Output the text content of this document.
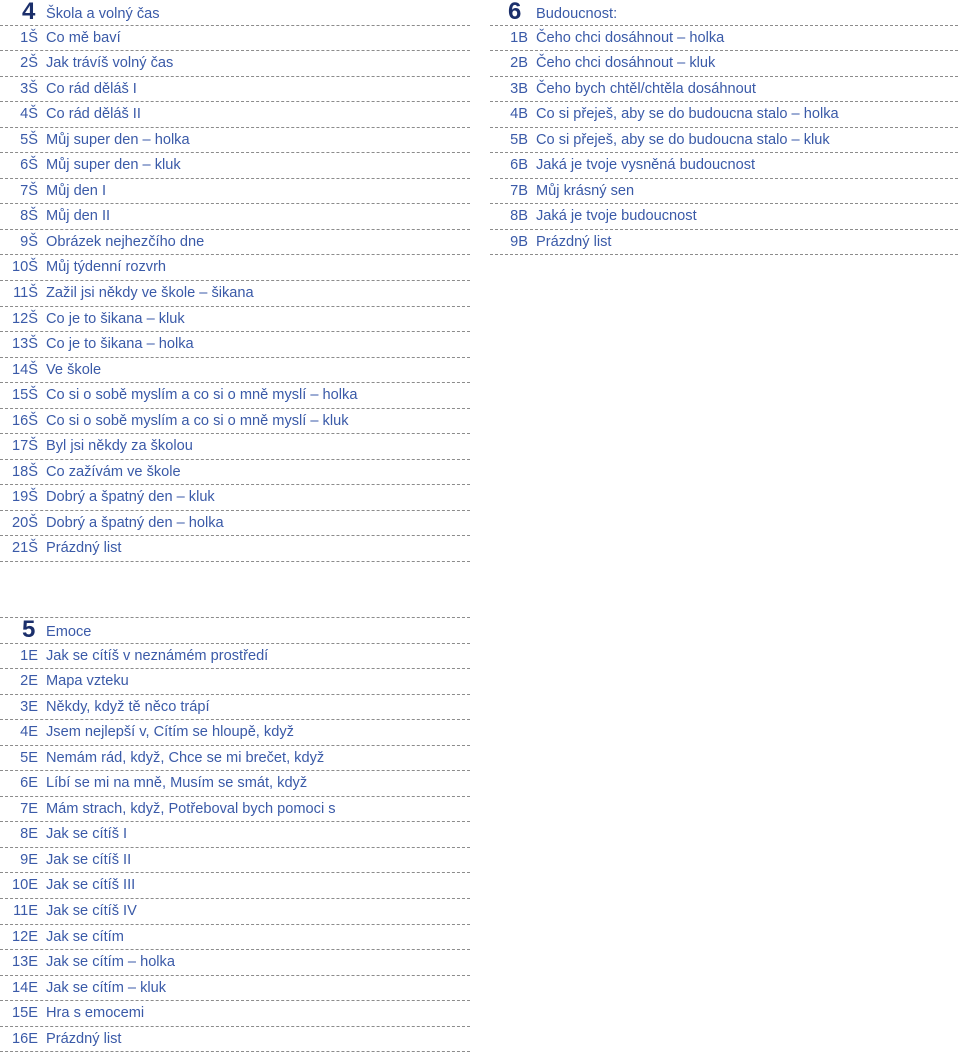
4 Škola a volný čas
1Š Co mě baví
2Š Jak trávíš volný čas
3Š Co rád děláš I
4Š Co rád děláš II
5Š Můj super den – holka
6Š Můj super den – kluk
7Š Můj den I
8Š Můj den II
9Š Obrázek nejhezčího dne
10Š Můj týdenní rozvrh
11Š Zažil jsi někdy ve škole – šikana
12Š Co je to šikana – kluk
13Š Co je to šikana – holka
14Š Ve škole
15Š Co si o sobě myslím a co si o mně myslí – holka
16Š Co si o sobě myslím a co si o mně myslí – kluk
17Š Byl jsi někdy za školou
18Š Co zažívám ve škole
19Š Dobrý a špatný den – kluk
20Š Dobrý a špatný den – holka
21Š Prázdný list
6	Budoucnost:
1B Čeho chci dosáhnout – holka
2B Čeho chci dosáhnout – kluk
3B Čeho bych chtěl/chtěla dosáhnout
4B Co si přeješ, aby se do budoucna stalo – holka
5B Co si přeješ, aby se do budoucna stalo – kluk
6B Jaká je tvoje vysněná budoucnost
7B Můj krásný sen
8B Jaká je tvoje budoucnost
9B Prázdný list
5 Emoce
1E Jak se cítíš v neznámém prostředí
2E Mapa vzteku
3E Někdy, když tě něco trápí
4E Jsem nejlepší v, Cítím se hloupě, když
5E Nemám rád, když, Chce se mi brečet, když
6E Líbí se mi na mně, Musím se smát, když
7E Mám strach, když, Potřeboval bych pomoci s
8E Jak se cítíš I
9E Jak se cítíš II
10E Jak se cítíš III
11E Jak se cítíš IV
12E Jak se cítím
13E Jak se cítím – holka
14E Jak se cítím – kluk
15E Hra s emocemi
16E Prázdný list
